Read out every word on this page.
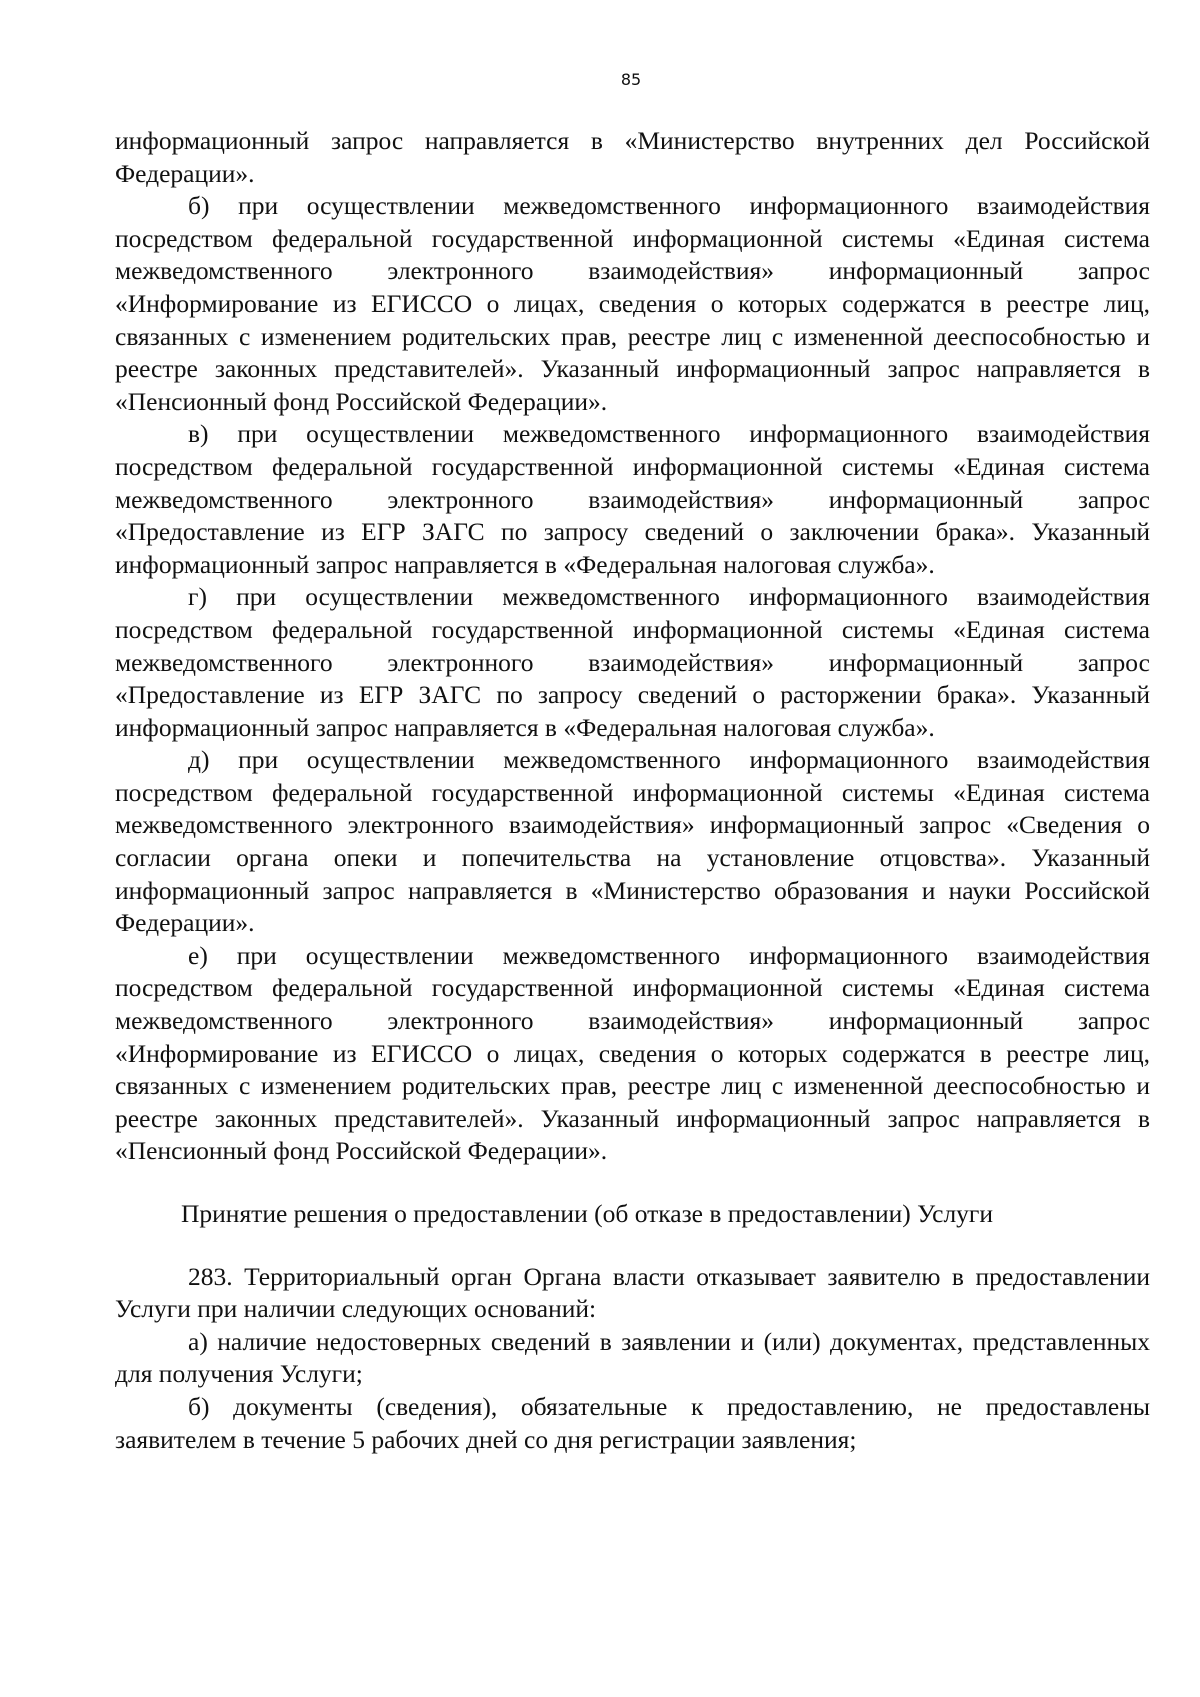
85

информационный запрос направляется в «Министерство внутренних дел Российской Федерации».

б) при осуществлении межведомственного информационного взаимодействия посредством федеральной государственной информационной системы «Единая система межведомственного электронного взаимодействия» информационный запрос «Информирование из ЕГИССО о лицах, сведения о которых содержатся в реестре лиц, связанных с изменением родительских прав, реестре лиц с измененной дееспособностью и реестре законных представителей». Указанный информационный запрос направляется в «Пенсионный фонд Российской Федерации».

в) при осуществлении межведомственного информационного взаимодействия посредством федеральной государственной информационной системы «Единая система межведомственного электронного взаимодействия» информационный запрос «Предоставление из ЕГР ЗАГС по запросу сведений о заключении брака». Указанный информационный запрос направляется в «Федеральная налоговая служба».

г) при осуществлении межведомственного информационного взаимодействия посредством федеральной государственной информационной системы «Единая система межведомственного электронного взаимодействия» информационный запрос «Предоставление из ЕГР ЗАГС по запросу сведений о расторжении брака». Указанный информационный запрос направляется в «Федеральная налоговая служба».

д) при осуществлении межведомственного информационного взаимодействия посредством федеральной государственной информационной системы «Единая система межведомственного электронного взаимодействия» информационный запрос «Сведения о согласии органа опеки и попечительства на установление отцовства». Указанный информационный запрос направляется в «Министерство образования и науки Российской Федерации».

е) при осуществлении межведомственного информационного взаимодействия посредством федеральной государственной информационной системы «Единая система межведомственного электронного взаимодействия» информационный запрос «Информирование из ЕГИССО о лицах, сведения о которых содержатся в реестре лиц, связанных с изменением родительских прав, реестре лиц с измененной дееспособностью и реестре законных представителей». Указанный информационный запрос направляется в «Пенсионный фонд Российской Федерации».

Принятие решения о предоставлении (об отказе в предоставлении) Услуги

283. Территориальный орган Органа власти отказывает заявителю в предоставлении Услуги при наличии следующих оснований:

а) наличие недостоверных сведений в заявлении и (или) документах, представленных для получения Услуги;

б) документы (сведения), обязательные к предоставлению, не предоставлены заявителем в течение 5 рабочих дней со дня регистрации заявления;
